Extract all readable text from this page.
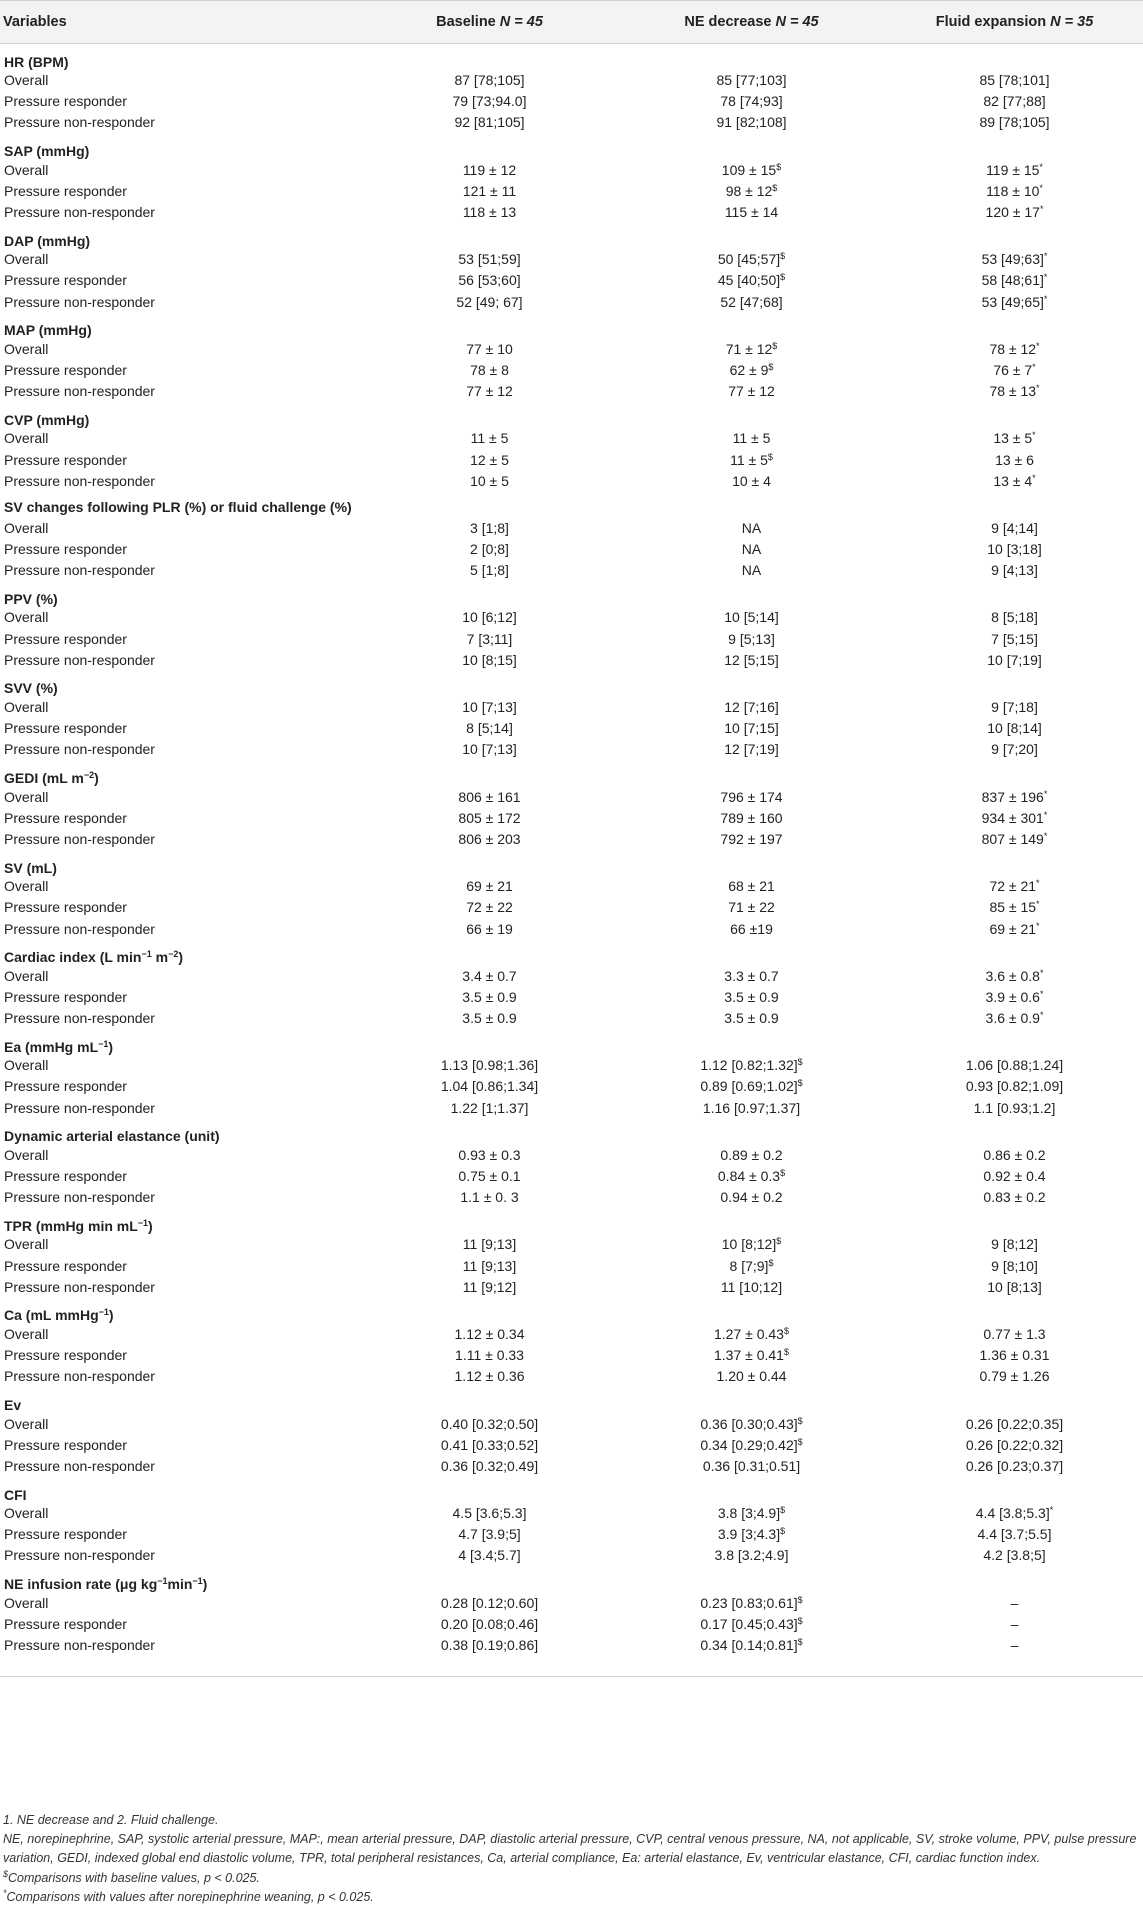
Variables	Baseline N = 45	NE decrease N = 45	Fluid expansion N = 35
HR (BPM)			
Overall	87 [78;105]	85 [77;103]	85 [78;101]
Pressure responder	79 [73;94.0]	78 [74;93]	82 [77;88]
Pressure non-responder	92 [81;105]	91 [82;108]	89 [78;105]
SAP (mmHg)			
Overall	119 ± 12	109 ± 15$	119 ± 15*
Pressure responder	121 ± 11	98 ± 12$	118 ± 10*
Pressure non-responder	118 ± 13	115 ± 14	120 ± 17*
DAP (mmHg)			
Overall	53 [51;59]	50 [45;57]$	53 [49;63]*
Pressure responder	56 [53;60]	45 [40;50]$	58 [48;61]*
Pressure non-responder	52 [49; 67]	52 [47;68]	53 [49;65]*
MAP (mmHg)			
Overall	77 ± 10	71 ± 12$	78 ± 12*
Pressure responder	78 ± 8	62 ± 9$	76 ± 7*
Pressure non-responder	77 ± 12	77 ± 12	78 ± 13*
CVP (mmHg)			
Overall	11 ± 5	11 ± 5	13 ± 5*
Pressure responder	12 ± 5	11 ± 5$	13 ± 6
Pressure non-responder	10 ± 5	10 ± 4	13 ± 4*
SV changes following PLR (%) or fluid challenge (%)			
Overall	3 [1;8]	NA	9 [4;14]
Pressure responder	2 [0;8]	NA	10 [3;18]
Pressure non-responder	5 [1;8]	NA	9 [4;13]
PPV (%)			
Overall	10 [6;12]	10 [5;14]	8 [5;18]
Pressure responder	7 [3;11]	9 [5;13]	7 [5;15]
Pressure non-responder	10 [8;15]	12 [5;15]	10 [7;19]
SVV (%)			
Overall	10 [7;13]	12 [7;16]	9 [7;18]
Pressure responder	8 [5;14]	10 [7;15]	10 [8;14]
Pressure non-responder	10 [7;13]	12 [7;19]	9 [7;20]
GEDI (mL $m^{-2}$)			
Overall	806 ± 161	796 ± 174	837 ± 196*
Pressure responder	805 ± 172	789 ± 160	934 ± 301*
Pressure non-responder	806 ± 203	792 ± 197	807 ± 149*
SV (mL)			
Overall	69 ± 21	68 ± 21	72 ± 21*
Pressure responder	72 ± 22	71 ± 22	85 ± 15*
Pressure non-responder	66 ± 19	66 ±19	69 ± 21*
Cardiac index (L $\min^{-1} m^{-2}$)			
Overall	3.4 ± 0.7	3.3 ± 0.7	3.6 ± 0.8*
Pressure responder	3.5 ± 0.9	3.5 ± 0.9	3.9 ± 0.6*
Pressure non-responder	3.5 ± 0.9	3.5 ± 0.9	3.6 ± 0.9*
Ea (mmHg $mL^{-1}$)			
Overall	1.13 [0.98;1.36]	1.12 [0.82;1.32]$	1.06 [0.88;1.24]
Pressure responder	1.04 [0.86;1.34]	0.89 [0.69;1.02]$	0.93 [0.82;1.09]
Pressure non-responder	1.22 [1;1.37]	1.16 [0.97;1.37]	1.1 [0.93;1.2]
Dynamic arterial elastance (unit)			
Overall	0.93 ± 0.3	0.89 ± 0.2	0.86 ± 0.2
Pressure responder	0.75 ± 0.1	0.84 ± 0.3$	0.92 ± 0.4
Pressure non-responder	1.1 ± 0. 3	0.94 ± 0.2	0.83 ± 0.2
TPR (mmHg $\min mL^{-1}$)			
Overall	11 [9;13]	10 [8;12]$	9 [8;12]
Pressure responder	11 [9;13]	8 [7;9]$	9 [8;10]
Pressure non-responder	11 [9;12]	11 [10;12]	10 [8;13]
Ca (mL mmHg$^{-1}$)			
Overall	1.12 ± 0.34	1.27 ± 0.43$	0.77 ± 1.3
Pressure responder	1.11 ± 0.33	1.37 ± 0.41$	1.36 ± 0.31
Pressure non-responder	1.12 ± 0.36	1.20 ± 0.44	0.79 ± 1.26
Ev			
Overall	0.40 [0.32;0.50]	0.36 [0.30;0.43]$	0.26 [0.22;0.35]
Pressure responder	0.41 [0.33;0.52]	0.34 [0.29;0.42]$	0.26 [0.22;0.32]
Pressure non-responder	0.36 [0.32;0.49]	0.36 [0.31;0.51]	0.26 [0.23;0.37]
CFI			
Overall	4.5 [3.6;5.3]	3.8 [3;4.9]$	4.4 [3.8;5.3]*
Pressure responder	4.7 [3.9;5]	3.9 [3;4.3]$	4.4 [3.7;5.5]
Pressure non-responder	4 [3.4;5.7]	3.8 [3.2;4.9]	4.2 [3.8;5]
NE infusion rate (μg $kg^{-1}\min^{-1}$)			
Overall	0.28 [0.12;0.60]	0.23 [0.83;0.61]$	–
Pressure responder	0.20 [0.08;0.46]	0.17 [0.45;0.43]$	–
Pressure non-responder	0.38 [0.19;0.86]	0.34 [0.14;0.81]$	–

1. NE decrease and 2. Fluid challenge.

NE, norepinephrine, SAP, systolic arterial pressure, MAP:, mean arterial pressure, DAP, diastolic arterial pressure, CVP, central venous pressure, NA, not applicable, SV, stroke volume, PPV, pulse pressure variation, GEDI, indexed global end diastolic volume, TPR, total peripheral resistances, Ca, arterial compliance, Ea: arterial elastance, Ev, ventricular elastance, CFI, cardiac function index.

$Comparisons with baseline values, p < 0.025.

*Comparisons with values after norepinephrine weaning, p < 0.025.
